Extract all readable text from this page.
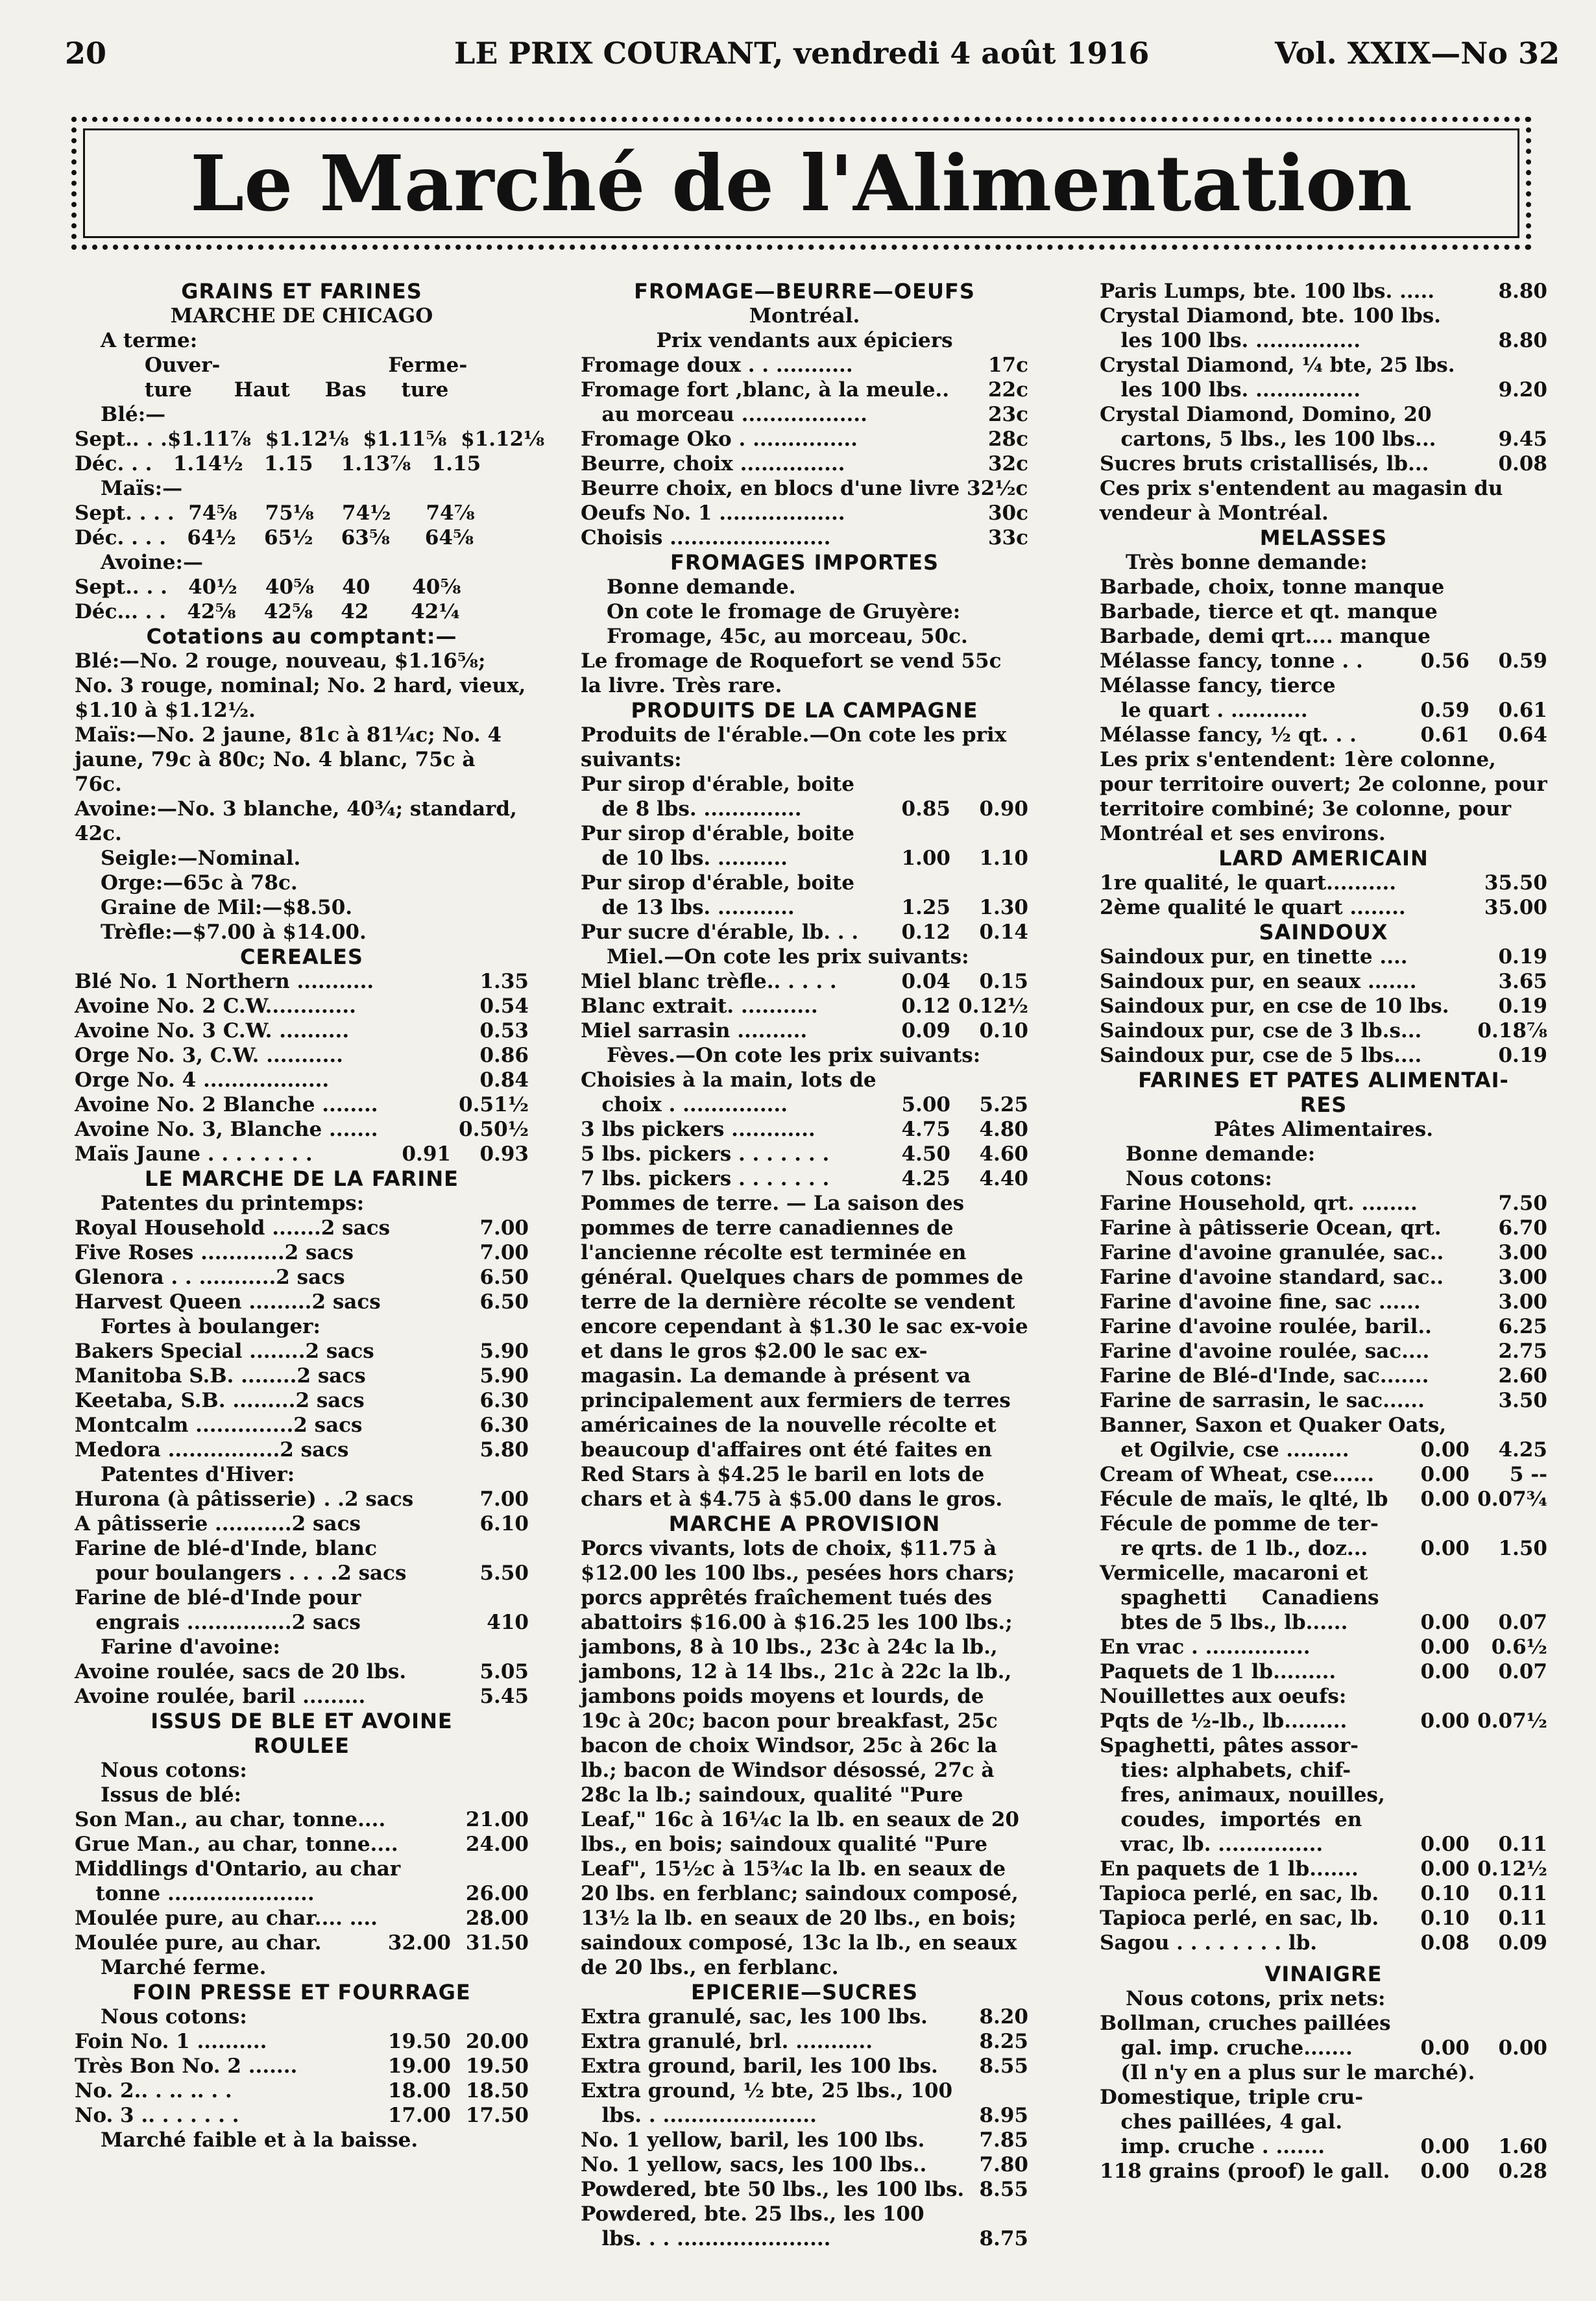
20	LE PRIX COURANT, vendredi 4 août 1916	Vol. XXIX—No 32
Le Marché de l'Alimentation

GRAINS ET FARINES

MARCHE DE CHICAGO

A terme:

Ouver-                        Ferme-

ture      Haut     Bas     ture

Blé:—

Sept.. . .$1.11⅞  $1.12⅛  $1.11⅝  $1.12⅛

Déc. . .   1.14½   1.15    1.13⅞   1.15

Maïs:—

Sept. . . .  74⅝    75⅛    74½     74⅞

Déc. . . .   64½    65½    63⅝     64⅝

Avoine:—

Sept.. . .   40½    40⅝    40      40⅝

Déc... . .   42⅝    42⅝    42      42¼

Cotations au comptant:—

Blé:—No. 2 rouge, nouveau, $1.16⅝; No. 3 rouge, nominal; No. 2 hard, vieux, $1.10 à $1.12½.

Maïs:—No. 2 jaune, 81c à 81¼c; No. 4 jaune, 79c à 80c; No. 4 blanc, 75c à 76c.

Avoine:—No. 3 blanche, 40¾; standard, 42c.

Seigle:—Nominal.

Orge:—65c à 78c.

Graine de Mil:—$8.50.

Trèfle:—$7.00 à $14.00.

CEREALES

Blé No. 1 Northern ...........	1.35

Avoine No. 2 C.W.............	0.54

Avoine No. 3 C.W. ..........	0.53

Orge No. 3, C.W. ...........	0.86

Orge No. 4 ..................	0.84

Avoine No. 2 Blanche ........	0.51½

Avoine No. 3, Blanche .......	0.50½

Maïs Jaune . . . . . . . .	0.91 0.93

LE MARCHE DE LA FARINE

Patentes du printemps:

Royal Household .......2 sacs	7.00

Five Roses ............2 sacs	7.00

Glenora . . ...........2 sacs	6.50

Harvest Queen .........2 sacs	6.50

Fortes à boulanger:

Bakers Special ........2 sacs	5.90

Manitoba S.B. ........2 sacs	5.90

Keetaba, S.B. .........2 sacs	6.30

Montcalm ..............2 sacs	6.30

Medora ................2 sacs	5.80

Patentes d'Hiver:

Hurona (à pâtisserie) . .2 sacs	7.00

A pâtisserie ...........2 sacs	6.10

Farine de blé-d'Inde, blanc

pour boulangers . . . .2 sacs	5.50

Farine de blé-d'Inde pour

engrais ...............2 sacs	410

Farine d'avoine:

Avoine roulée, sacs de 20 lbs.	5.05

Avoine roulée, baril .........	5.45

ISSUS DE BLE ET AVOINE

ROULEE

Nous cotons:

Issus de blé:

Son Man., au char, tonne....	21.00

Grue Man., au char, tonne....	24.00

Middlings d'Ontario, au char

tonne .....................	26.00

Moulée pure, au char.... ....	28.00

Moulée pure, au char.	32.00 31.50

Marché ferme.

FOIN PRESSE ET FOURRAGE

Nous cotons:

Foin No. 1 ..........	19.50 20.00

Très Bon No. 2 .......	19.00 19.50

No. 2.. . .. .. . .	18.00 18.50

No. 3 .. . . . . . .	17.00 17.50

Marché faible et à la baisse.

FROMAGE—BEURRE—OEUFS

Montréal.

Prix vendants aux épiciers

Fromage doux . . ...........	17c

Fromage fort ,blanc, à la meule.. 22c

au morceau ..................	23c

Fromage Oko . ...............	28c

Beurre, choix ...............	32c

Beurre choix, en blocs d'une livre 32½c

Oeufs No. 1 ..................	30c

Choisis .......................	33c

FROMAGES IMPORTES

Bonne demande.

On cote le fromage de Gruyère:

Fromage, 45c, au morceau, 50c.

Le fromage de Roquefort se vend 55c la livre. Très rare.

PRODUITS DE LA CAMPAGNE

Produits de l'érable.—On cote les prix suivants:

Pur sirop d'érable, boite

de 8 lbs. ..............	0.85 0.90

Pur sirop d'érable, boite

de 10 lbs. ..........	1.00 1.10

Pur sirop d'érable, boite

de 13 lbs. ...........	1.25 1.30

Pur sucre d'érable, lb. . . 0.12 0.14

Miel.—On cote les prix suivants:

Miel blanc trèfle.. . . . .	0.04 0.15

Blanc extrait. ...........	0.12 0.12½

Miel sarrasin ..........	0.09 0.10

Fèves.—On cote les prix suivants:

Choisies à la main, lots de

choix . ...............	5.00 5.25

3 lbs pickers ............	4.75 4.80

5 lbs. pickers . . . . . . .	4.50 4.60

7 lbs. pickers . . . . . . .	4.25 4.40

Pommes de terre. — La saison des pommes de terre canadiennes de l'ancienne récolte est terminée en général. Quelques chars de pommes de terre de la dernière récolte se vendent encore cependant à $1.30 le sac ex-voie et dans le gros $2.00 le sac ex-magasin. La demande à présent va principalement aux fermiers de terres américaines de la nouvelle récolte et beaucoup d'affaires ont été faites en Red Stars à $4.25 le baril en lots de chars et à $4.75 à $5.00 dans le gros.

MARCHE A PROVISION

Porcs vivants, lots de choix, $11.75 à $12.00 les 100 lbs., pesées hors chars; porcs apprêtés fraîchement tués des abattoirs $16.00 à $16.25 les 100 lbs.; jambons, 8 à 10 lbs., 23c à 24c la lb., jambons, 12 à 14 lbs., 21c à 22c la lb., jambons poids moyens et lourds, de 19c à 20c; bacon pour breakfast, 25c bacon de choix Windsor, 25c à 26c la lb.; bacon de Windsor désossé, 27c à 28c la lb.; saindoux, qualité "Pure Leaf," 16c à 16¼c la lb. en seaux de 20 lbs., en bois; saindoux qualité "Pure Leaf", 15½c à 15¾c la lb. en seaux de 20 lbs. en ferblanc; saindoux composé, 13½ la lb. en seaux de 20 lbs., en bois; saindoux composé, 13c la lb., en seaux de 20 lbs., en ferblanc.

EPICERIE—SUCRES

Extra granulé, sac, les 100 lbs.	8.20

Extra granulé, brl. ...........	8.25

Extra ground, baril, les 100 lbs. 8.55

Extra ground, ½ bte, 25 lbs., 100

lbs. . ......................	8.95

No. 1 yellow, baril, les 100 lbs.	7.85

No. 1 yellow, sacs, les 100 lbs..	7.80

Powdered, bte 50 lbs., les 100 lbs. 8.55

Powdered, bte. 25 lbs., les 100

lbs. . . ......................	8.75

Paris Lumps, bte. 100 lbs. .....	8.80

Crystal Diamond, bte. 100 lbs.

les 100 lbs. ...............	8.80

Crystal Diamond, ¼ bte, 25 lbs.

les 100 lbs. ...............	9.20

Crystal Diamond, Domino, 20

cartons, 5 lbs., les 100 lbs...	9.45

Sucres bruts cristallisés, lb...	0.08

Ces prix s'entendent au magasin du vendeur à Montréal.

MELASSES

Très bonne demande:

Barbade, choix, tonne manque

Barbade, tierce et qt. manque

Barbade, demi qrt.... manque

Mélasse fancy, tonne . .	0.56 0.59

Mélasse fancy, tierce

le quart . ...........	0.59 0.61

Mélasse fancy, ½ qt. . .	0.61 0.64

Les prix s'entendent: 1ère colonne, pour territoire ouvert; 2e colonne, pour territoire combiné; 3e colonne, pour Montréal et ses environs.

LARD AMERICAIN

1re qualité, le quart..........	35.50

2ème qualité le quart ........	35.00

SAINDOUX

Saindoux pur, en tinette ....	0.19

Saindoux pur, en seaux .......	3.65

Saindoux pur, en cse de 10 lbs. 0.19

Saindoux pur, cse de 3 lb.s...	0.18⅞

Saindoux pur, cse de 5 lbs....	0.19

FARINES ET PATES ALIMENTAI-

RES

Pâtes Alimentaires.

Bonne demande:

Nous cotons:

Farine Household, qrt. ........	7.50

Farine à pâtisserie Ocean, qrt.	6.70

Farine d'avoine granulée, sac..	3.00

Farine d'avoine standard, sac..	3.00

Farine d'avoine fine, sac ......	3.00

Farine d'avoine roulée, baril..	6.25

Farine d'avoine roulée, sac....	2.75

Farine de Blé-d'Inde, sac.......	2.60

Farine de sarrasin, le sac......	3.50

Banner, Saxon et Quaker Oats,

et Ogilvie, cse .........	0.00 4.25

Cream of Wheat, cse...... 0.00 5 --

Fécule de maïs, le qlté, lb 0.00 0.07¾

Fécule de pomme de ter-

re qrts. de 1 lb., doz...	0.00 1.50

Vermicelle, macaroni et

spaghetti     Canadiens

btes de 5 lbs., lb......	0.00 0.07

En vrac . ...............	0.00 0.6½

Paquets de 1 lb.........	0.00 0.07

Nouillettes aux oeufs:

Pqts de ½-lb., lb.........	0.00 0.07½

Spaghetti, pâtes assor-

ties: alphabets, chif-

fres, animaux, nouilles,

coudes,  importés  en

vrac, lb. ...............	0.00 0.11

En paquets de 1 lb.......	0.00 0.12½

Tapioca perlé, en sac, lb. 0.10 0.11

Tapioca perlé, en sac, lb. 0.10 0.11

Sagou . . . . . . . . lb.	0.08 0.09

VINAIGRE

Nous cotons, prix nets:

Bollman, cruches paillées

gal. imp. cruche.......	0.00 0.00

(Il n'y en a plus sur le marché).

Domestique, triple cru-

ches paillées, 4 gal.

imp. cruche . .......	0.00 1.60

118 grains (proof) le gall. 0.00 0.28
